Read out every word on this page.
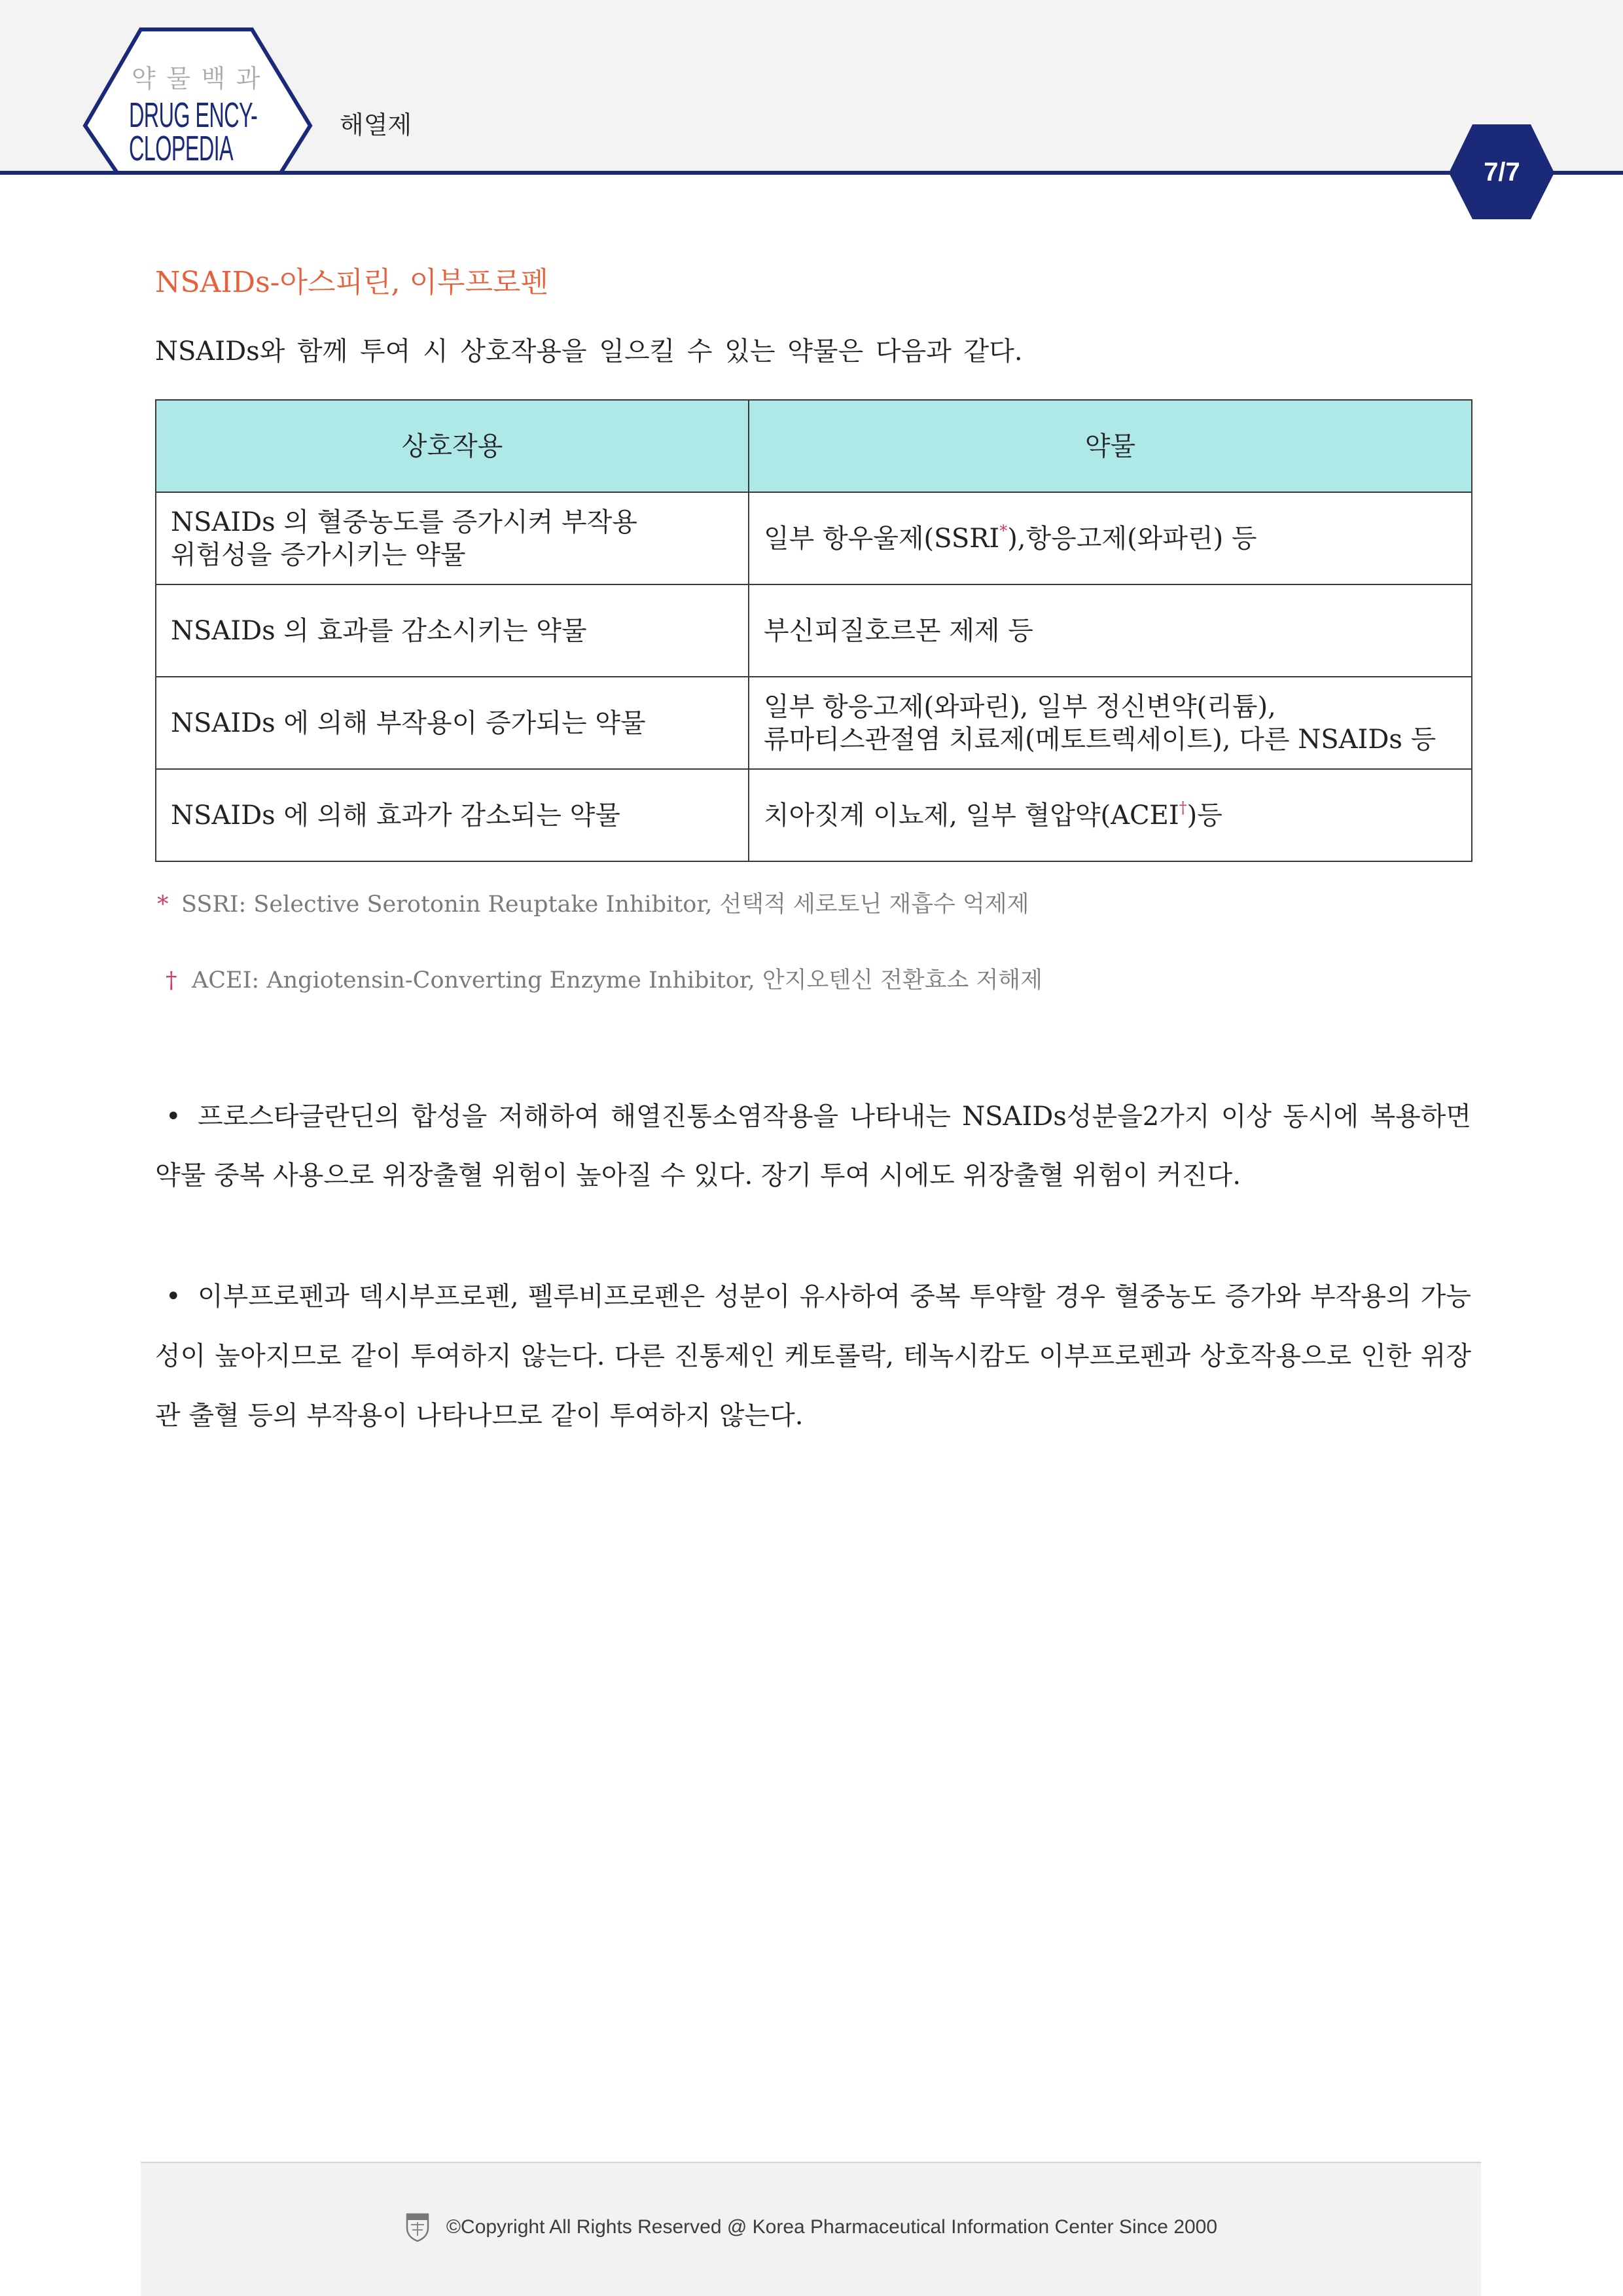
약 물 백 과
DRUG ENCY-
CLOPEDIA
해열제
7/7
NSAIDs-아스피린, 이부프로펜

NSAIDs와 함께 투여 시 상호작용을 일으킬 수 있는 약물은 다음과 같다.

상호작용	약물

NSAIDs 의 혈중농도를 증가시켜 부작용
위험성을 증가시키는 약물	일부 항우울제(SSRI*),항응고제(와파린) 등

NSAIDs 의 효과를 감소시키는 약물	부신피질호르몬 제제 등

NSAIDs 에 의해 부작용이 증가되는 약물	일부 항응고제(와파린), 일부 정신변약(리튬),
류마티스관절염 치료제(메토트렉세이트), 다른 NSAIDs 등

NSAIDs 에 의해 효과가 감소되는 약물	치아짓계 이뇨제, 일부 혈압약(ACEI†)등
* SSRI: Selective Serotonin Reuptake Inhibitor, 선택적 세로토닌 재흡수 억제제
† ACEI: Angiotensin-Converting Enzyme Inhibitor, 안지오텐신 전환효소 저해제

• 프로스타글란딘의 합성을 저해하여 해열진통소염작용을 나타내는 NSAIDs성분을2가지 이상 동시에 복용하면 약물 중복 사용으로 위장출혈 위험이 높아질 수 있다. 장기 투여 시에도 위장출혈 위험이 커진다.

• 이부프로펜과 덱시부프로펜, 펠루비프로펜은 성분이 유사하여 중복 투약할 경우 혈중농도 증가와 부작용의 가능성이 높아지므로 같이 투여하지 않는다. 다른 진통제인 케토롤락, 테녹시캄도 이부프로펜과 상호작용으로 인한 위장관 출혈 등의 부작용이 나타나므로 같이 투여하지 않는다.

©Copyright All Rights Reserved @ Korea Pharmaceutical Information Center Since 2000
